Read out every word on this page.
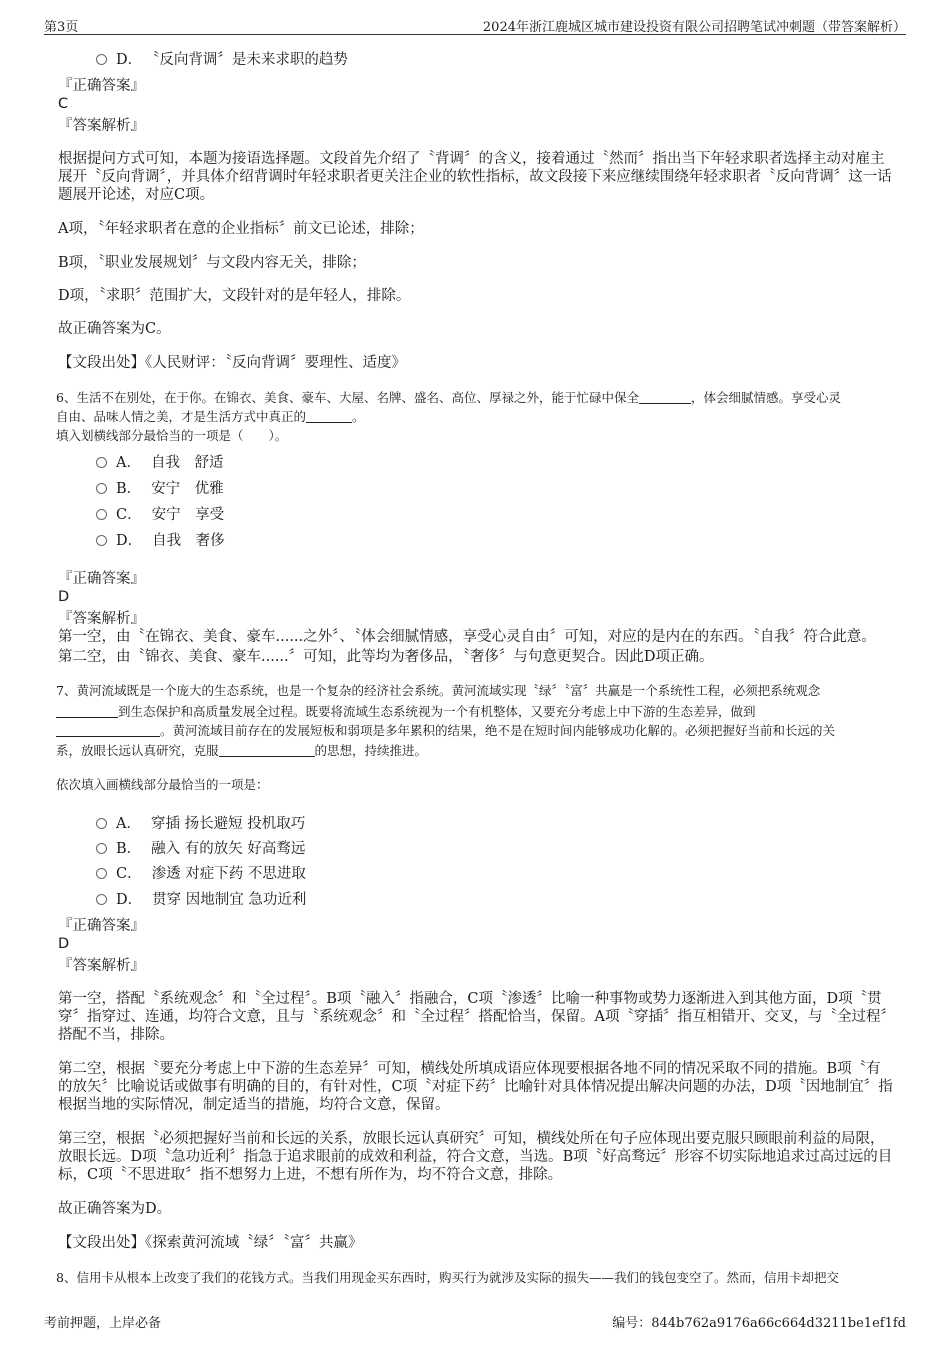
第3页	2024年浙江鹿城区城市建设投资有限公司招聘笔试冲刺题（带答案解析）
D． 〝反向背调〞是未来求职的趋势
『正确答案』
C
『答案解析』
根据提问方式可知，本题为接语选择题。文段首先介绍了〝背调〞的含义，接着通过〝然而〞指出当下年轻求职者选择主动对雇主展开〝反向背调〞，并具体介绍背调时年轻求职者更关注企业的软性指标，故文段接下来应继续围绕年轻求职者〝反向背调〞这一话题展开论述，对应C项。
A项，〝年轻求职者在意的企业指标〞前文已论述，排除；
B项，〝职业发展规划〞与文段内容无关，排除；
D项，〝求职〞范围扩大，文段针对的是年轻人，排除。
故正确答案为C。
【文段出处】《人民财评：〝反向背调〞要理性、适度》
6、生活不在别处，在于你。在锦衣、美食、豪车、大屋、名牌、盛名、高位、厚禄之外，能于忙碌中保全	，体会细腻情感。享受心灵
自由、品味人情之美，才是生活方式中真正的	。
填入划横线部分最恰当的一项是（　　）。
A． 自我　舒适
B． 安宁　优雅
C． 安宁　享受
D． 自我　奢侈
『正确答案』
D
『答案解析』
第一空，由〝在锦衣、美食、豪车......之外〞、〝体会细腻情感，享受心灵自由〞可知，对应的是内在的东西。〝自我〞符合此意。
第二空，由〝锦衣、美食、豪车......〞可知，此等均为奢侈品，〝奢侈〞与句意更契合。因此D项正确。
7、黄河流域既是一个庞大的生态系统，也是一个复杂的经济社会系统。黄河流域实现〝绿〞〝富〞共赢是一个系统性工程，必须把系统观念
到生态保护和高质量发展全过程。既要将流域生态系统视为一个有机整体，又要充分考虑上中下游的生态差异，做到
。黄河流域目前存在的发展短板和弱项是多年累积的结果，绝不是在短时间内能够成功化解的。必须把握好当前和长远的关
系，放眼长远认真研究，克服	的思想，持续推进。
依次填入画横线部分最恰当的一项是：
A． 穿插 扬长避短 投机取巧
B． 融入 有的放矢 好高骛远
C． 渗透 对症下药 不思进取
D． 贯穿 因地制宜 急功近利
『正确答案』
D
『答案解析』
第一空，搭配〝系统观念〞和〝全过程〞。B项〝融入〞指融合，C项〝渗透〞比喻一种事物或势力逐渐进入到其他方面，D项〝贯穿〞指穿过、连通，均符合文意，且与〝系统观念〞和〝全过程〞搭配恰当，保留。A项〝穿插〞指互相错开、交叉，与〝全过程〞搭配不当，排除。
第二空，根据〝要充分考虑上中下游的生态差异〞可知，横线处所填成语应体现要根据各地不同的情况采取不同的措施。B项〝有的放矢〞比喻说话或做事有明确的目的，有针对性，C项〝对症下药〞比喻针对具体情况提出解决问题的办法，D项〝因地制宜〞指根据当地的实际情况，制定适当的措施，均符合文意，保留。
第三空，根据〝必须把握好当前和长远的关系，放眼长远认真研究〞可知，横线处所在句子应体现出要克服只顾眼前利益的局限，放眼长远。D项〝急功近利〞指急于追求眼前的成效和利益，符合文意，当选。B项〝好高骛远〞形容不切实际地追求过高过远的目标，C项〝不思进取〞指不想努力上进，不想有所作为，均不符合文意，排除。
故正确答案为D。
【文段出处】《探索黄河流域〝绿〞〝富〞共赢》
8、信用卡从根本上改变了我们的花钱方式。当我们用现金买东西时，购买行为就涉及实际的损失——我们的钱包变空了。然而，信用卡却把交
考前押题，上岸必备	编号：844b762a9176a66c664d3211be1ef1fd
